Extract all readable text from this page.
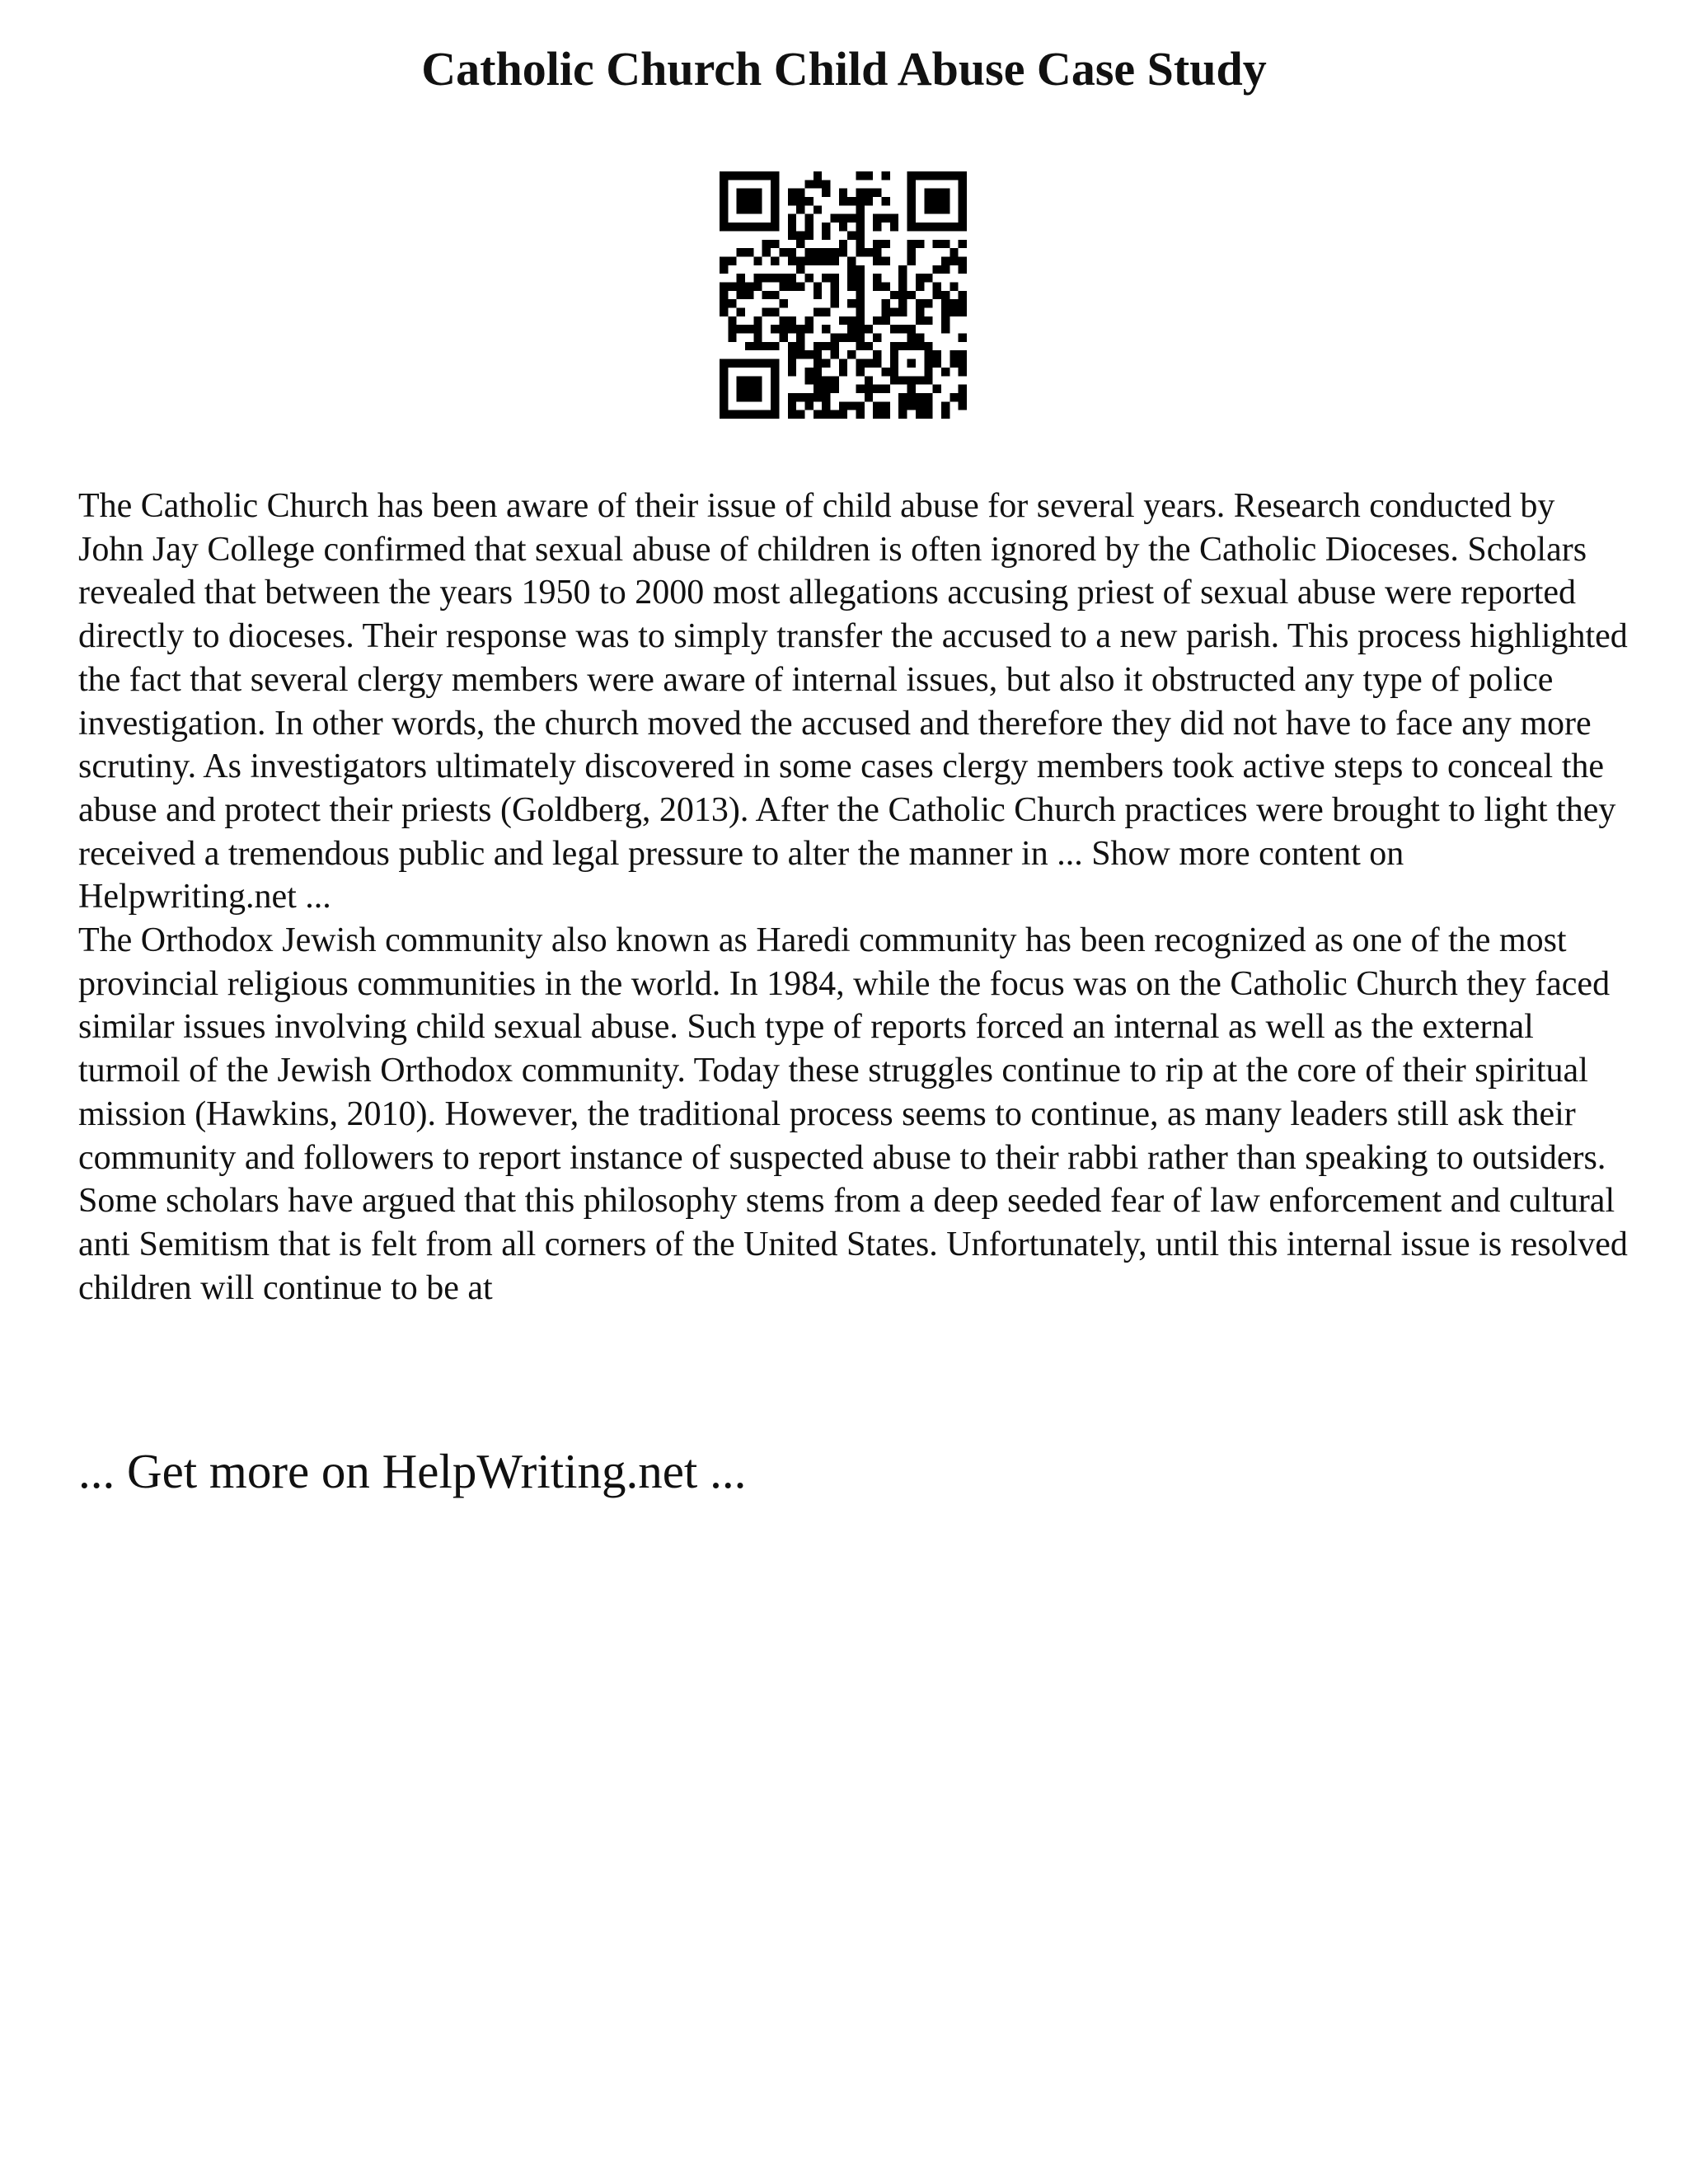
Catholic Church Child Abuse Case Study

The Catholic Church has been aware of their issue of child abuse for several years. Research conducted by John Jay College confirmed that sexual abuse of children is often ignored by the Catholic Dioceses. Scholars revealed that between the years 1950 to 2000 most allegations accusing priest of sexual abuse were reported directly to dioceses. Their response was to simply transfer the accused to a new parish. This process highlighted the fact that several clergy members were aware of internal issues, but also it obstructed any type of police investigation. In other words, the church moved the accused and therefore they did not have to face any more scrutiny. As investigators ultimately discovered in some cases clergy members took active steps to conceal the abuse and protect their priests (Goldberg, 2013). After the Catholic Church practices were brought to light they received a tremendous public and legal pressure to alter the manner in ... Show more content on Helpwriting.net ...

The Orthodox Jewish community also known as Haredi community has been recognized as one of the most provincial religious communities in the world. In 1984, while the focus was on the Catholic Church they faced similar issues involving child sexual abuse. Such type of reports forced an internal as well as the external turmoil of the Jewish Orthodox community. Today these struggles continue to rip at the core of their spiritual mission (Hawkins, 2010). However, the traditional process seems to continue, as many leaders still ask their community and followers to report instance of suspected abuse to their rabbi rather than speaking to outsiders. Some scholars have argued that this philosophy stems from a deep seeded fear of law enforcement and cultural anti Semitism that is felt from all corners of the United States. Unfortunately, until this internal issue is resolved children will continue to be at

... Get more on HelpWriting.net ...
